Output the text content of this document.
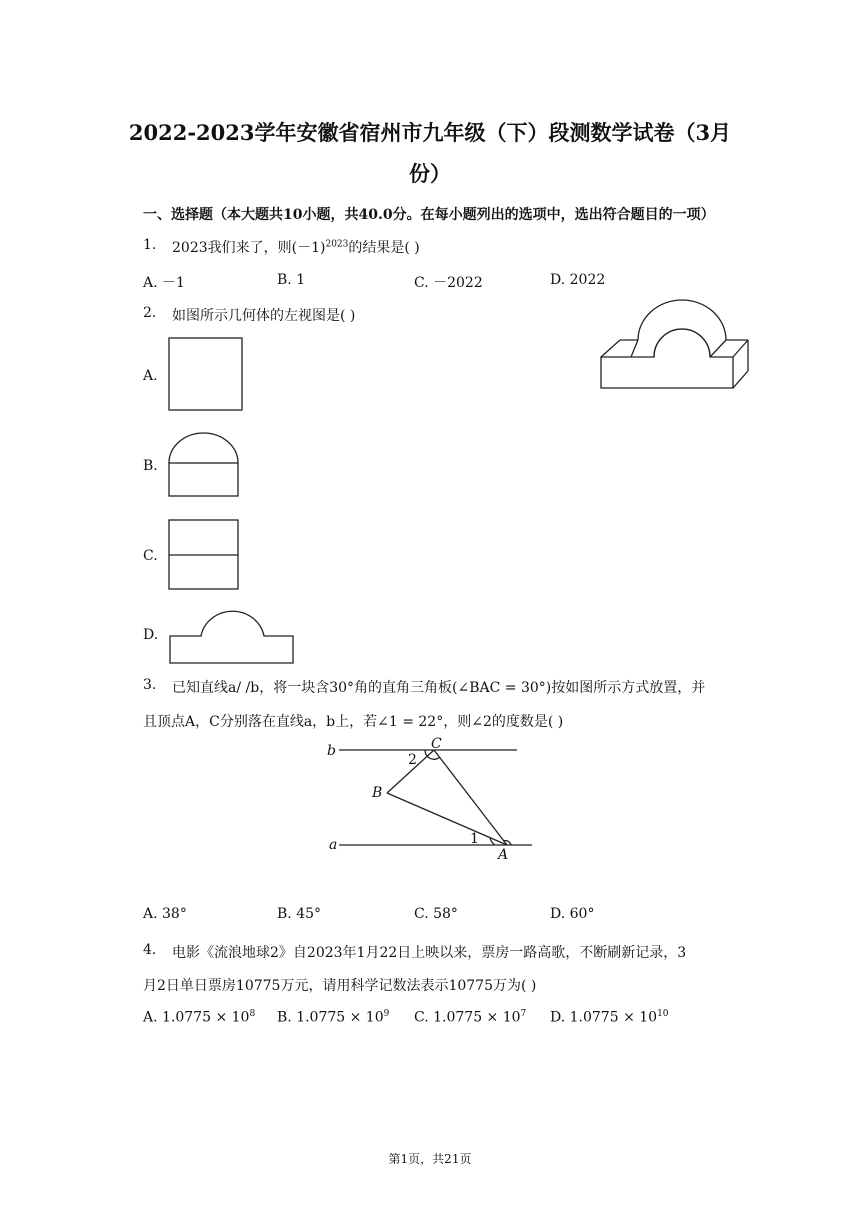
2022-2023学年安徽省宿州市九年级（下）段测数学试卷（3月
份）
一、选择题（本大题共10小题，共40.0分。在每小题列出的选项中，选出符合题目的一项）
1. 2023我们来了，则$(-1)^{2023}$的结果是( )
A. －1	B. 1	C. －2022	D. 2022
2. 如图所示几何体的左视图是( )
A.
B.
C.
D.
3. 已知直线a/ /b，将一块含30°角的直角三角板(∠BAC = 30°)按如图所示方式放置，并
且顶点A，C分别落在直线a，b上，若∠1 = 22°，则∠2的度数是( )
b
a
C
B
A
1
2
A. 38°	B. 45°	C. 58°	D. 60°
4. 电影《流浪地球2》自2023年1月22日上映以来，票房一路高歌，不断刷新记录，3
月2日单日票房10775万元，请用科学记数法表示10775万为( )
A. $1.0775 \times 10^8$ B. $1.0775 \times 10^9$ C. $1.0775 \times 10^7$ D. $1.0775 \times 10^{10}$
第1页，共21页
